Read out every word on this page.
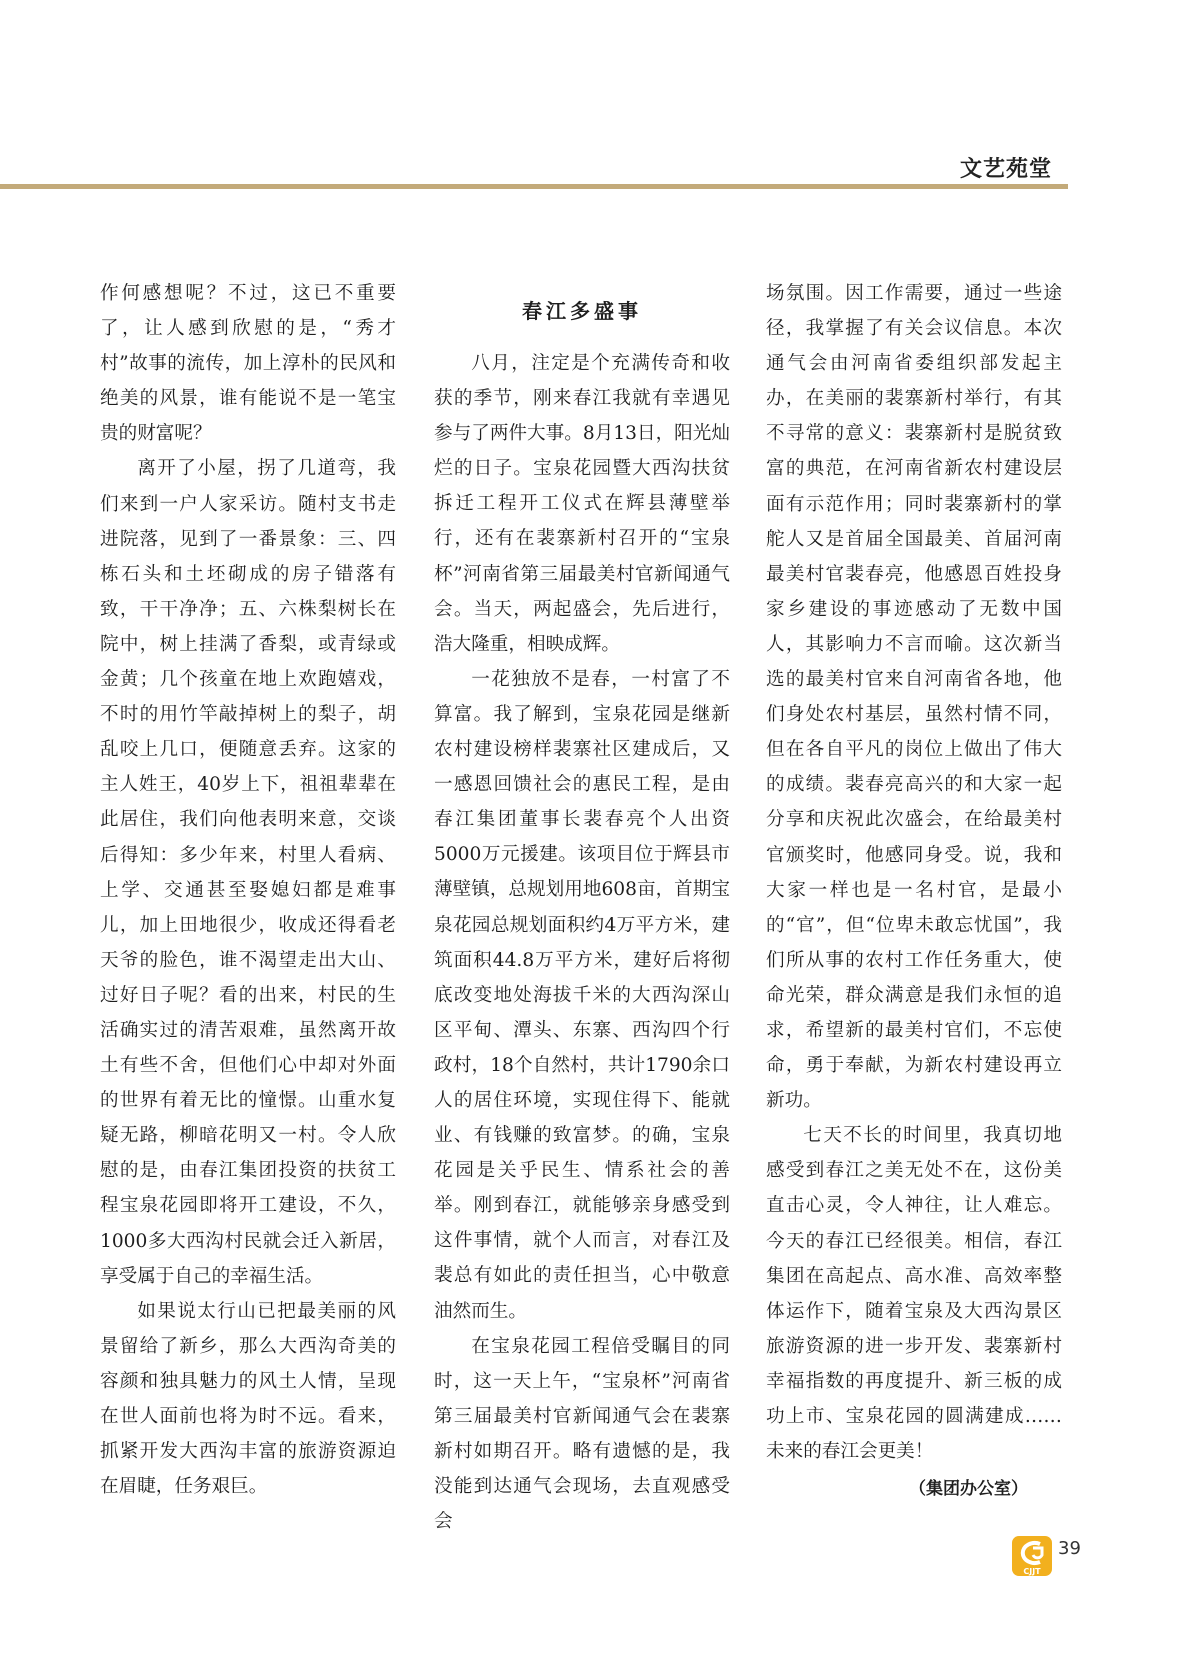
文艺苑堂

作何感想呢？不过，这已不重要了，让人感到欣慰的是，“秀才村”故事的流传，加上淳朴的民风和绝美的风景，谁有能说不是一笔宝贵的财富呢？

离开了小屋，拐了几道弯，我们来到一户人家采访。随村支书走进院落，见到了一番景象：三、四栋石头和土坯砌成的房子错落有致，干干净净；五、六株梨树长在院中，树上挂满了香梨，或青绿或金黄；几个孩童在地上欢跑嬉戏，不时的用竹竿敲掉树上的梨子，胡乱咬上几口，便随意丢弃。这家的主人姓王，40岁上下，祖祖辈辈在此居住，我们向他表明来意，交谈后得知：多少年来，村里人看病、上学、交通甚至娶媳妇都是难事儿，加上田地很少，收成还得看老天爷的脸色，谁不渴望走出大山、过好日子呢？看的出来，村民的生活确实过的清苦艰难，虽然离开故土有些不舍，但他们心中却对外面的世界有着无比的憧憬。山重水复疑无路，柳暗花明又一村。令人欣慰的是，由春江集团投资的扶贫工程宝泉花园即将开工建设，不久，1000多大西沟村民就会迁入新居，享受属于自己的幸福生活。

如果说太行山已把最美丽的风景留给了新乡，那么大西沟奇美的容颜和独具魅力的风土人情，呈现在世人面前也将为时不远。看来，抓紧开发大西沟丰富的旅游资源迫在眉睫，任务艰巨。

春江多盛事

八月，注定是个充满传奇和收获的季节，刚来春江我就有幸遇见参与了两件大事。8月13日，阳光灿烂的日子。宝泉花园暨大西沟扶贫拆迁工程开工仪式在辉县薄壁举行，还有在裴寨新村召开的“宝泉杯”河南省第三届最美村官新闻通气会。当天，两起盛会，先后进行，浩大隆重，相映成辉。

一花独放不是春，一村富了不算富。我了解到，宝泉花园是继新农村建设榜样裴寨社区建成后，又一感恩回馈社会的惠民工程，是由春江集团董事长裴春亮个人出资5000万元援建。该项目位于辉县市薄壁镇，总规划用地608亩，首期宝泉花园总规划面积约4万平方米，建筑面积44.8万平方米，建好后将彻底改变地处海拔千米的大西沟深山区平甸、潭头、东寨、西沟四个行政村，18个自然村，共计1790余口人的居住环境，实现住得下、能就业、有钱赚的致富梦。的确，宝泉花园是关乎民生、情系社会的善举。刚到春江，就能够亲身感受到这件事情，就个人而言，对春江及裴总有如此的责任担当，心中敬意油然而生。

在宝泉花园工程倍受瞩目的同时，这一天上午，“宝泉杯”河南省第三届最美村官新闻通气会在裴寨新村如期召开。略有遗憾的是，我没能到达通气会现场，去直观感受会

场氛围。因工作需要，通过一些途径，我掌握了有关会议信息。本次通气会由河南省委组织部发起主办，在美丽的裴寨新村举行，有其不寻常的意义：裴寨新村是脱贫致富的典范，在河南省新农村建设层面有示范作用；同时裴寨新村的掌舵人又是首届全国最美、首届河南最美村官裴春亮，他感恩百姓投身家乡建设的事迹感动了无数中国人，其影响力不言而喻。这次新当选的最美村官来自河南省各地，他们身处农村基层，虽然村情不同，但在各自平凡的岗位上做出了伟大的成绩。裴春亮高兴的和大家一起分享和庆祝此次盛会，在给最美村官颁奖时，他感同身受。说，我和大家一样也是一名村官，是最小的“官”，但“位卑未敢忘忧国”，我们所从事的农村工作任务重大，使命光荣，群众满意是我们永恒的追求，希望新的最美村官们，不忘使命，勇于奉献，为新农村建设再立新功。

七天不长的时间里，我真切地感受到春江之美无处不在，这份美直击心灵，令人神往，让人难忘。今天的春江已经很美。相信，春江集团在高起点、高水准、高效率整体运作下，随着宝泉及大西沟景区旅游资源的进一步开发、裴寨新村幸福指数的再度提升、新三板的成功上市、宝泉花园的圆满建成……未来的春江会更美！

（集团办公室）
CJJT
39
